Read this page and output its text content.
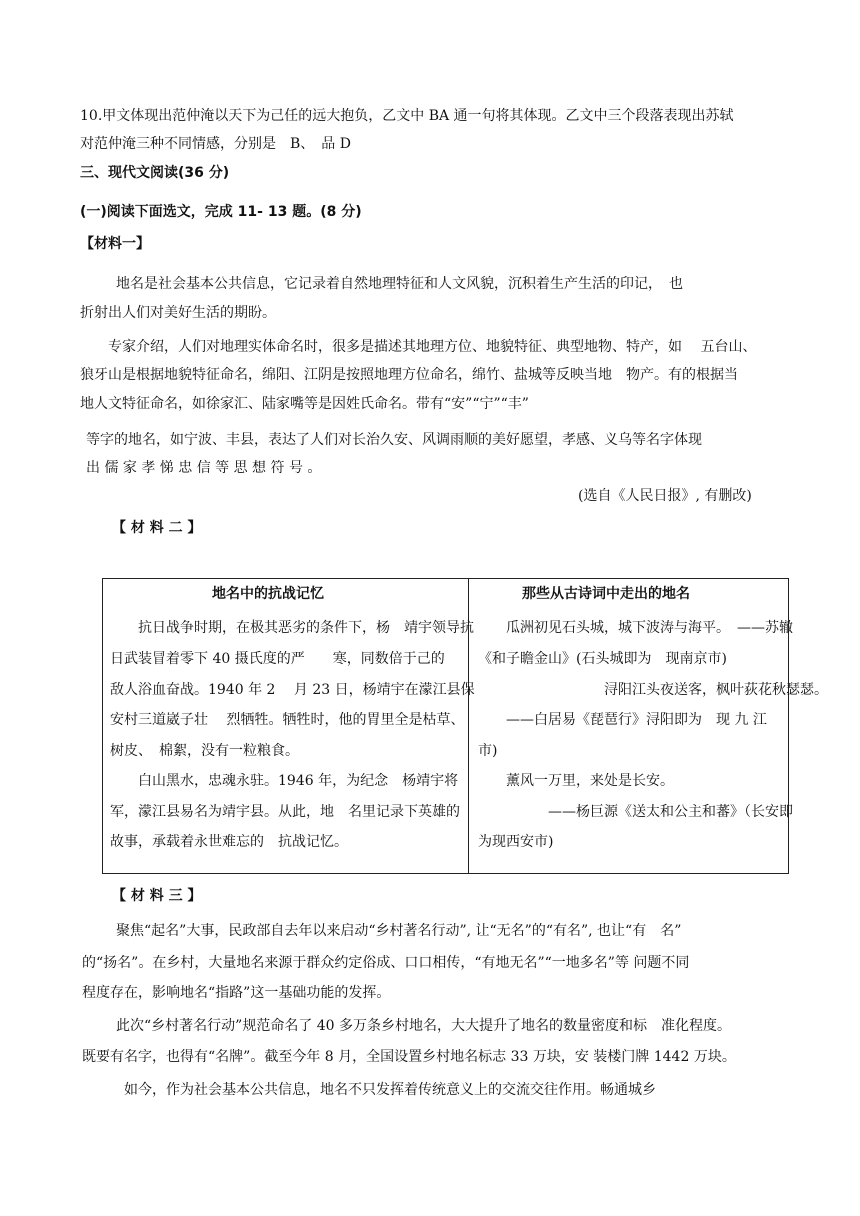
10.甲文体现出范仲淹以天下为己任的远大抱负，乙文中 BA 通一句将其体现。乙文中三个段落表现出苏轼
对范仲淹三种不同情感，分别是　B、　品 D
三、现代文阅读(36 分)
(一)阅读下面选文，完成 11- 13 题。(8 分)
【材料一】
地名是社会基本公共信息，它记录着自然地理特征和人文风貌，沉积着生产生活的印记，　也
折射出人们对美好生活的期盼。
专家介绍，人们对地理实体命名时，很多是描述其地理方位、地貌特征、典型地物、特产，如　 五台山、
狼牙山是根据地貌特征命名，绵阳、江阴是按照地理方位命名，绵竹、盐城等反映当地　物产。有的根据当
地人文特征命名，如徐家汇、陆家嘴等是因姓氏命名。带有“安”“宁”“丰”
等字的地名，如宁波、丰县，表达了人们对长治久安、风调雨顺的美好愿望，孝感、义乌等名字体现
出 儒 家 孝 悌 忠 信 等 思 想 符 号 。
(选自《人民日报》, 有删改)
【 材 料 二 】
地名中的抗战记忆	那些从古诗词中走出的地名
　　抗日战争时期，在极其恶劣的条件下，杨　靖宇领导抗
日武装冒着零下 40 摄氏度的严　　寒，同数倍于己的
敌人浴血奋战。1940 年 2　 月 23 日，杨靖宇在濛江县保
安村三道崴子壮　 烈牺牲。牺牲时，他的胃里全是枯草、
树皮、　棉絮，没有一粒粮食。
　　白山黑水，忠魂永驻。1946 年，为纪念　杨靖宇将
军，濛江县易名为靖宇县。从此，地　名里记录下英雄的
故事，承载着永世难忘的　抗战记忆。
　　瓜洲初见石头城，城下波涛与海平。　——苏辙
《和子瞻金山》(石头城即为　现南京市)
　　　　　　　　　浔阳江头夜送客，枫叶荻花秋瑟瑟。
　　——白居易《琵琶行》浔阳即为　现 九 江
市)
　　薰风一万里，来处是长安。
　　　　　——杨巨源《送太和公主和蕃》（长安即
为现西安市)
【 材 料 三 】
聚焦“起名”大事，民政部自去年以来启动“乡村著名行动”, 让“无名”的“有名”, 也让“有　名”
的“扬名”。在乡村，大量地名来源于群众约定俗成、口口相传，“有地无名”“一地多名”等 问题不同
程度存在，影响地名“指路”这一基础功能的发挥。
此次“乡村著名行动”规范命名了 40 多万条乡村地名，大大提升了地名的数量密度和标　准化程度。
既要有名字，也得有“名牌”。截至今年 8 月，全国设置乡村地名标志 33 万块，安 装楼门牌 1442 万块。
如今，作为社会基本公共信息，地名不只发挥着传统意义上的交流交往作用。畅通城乡
